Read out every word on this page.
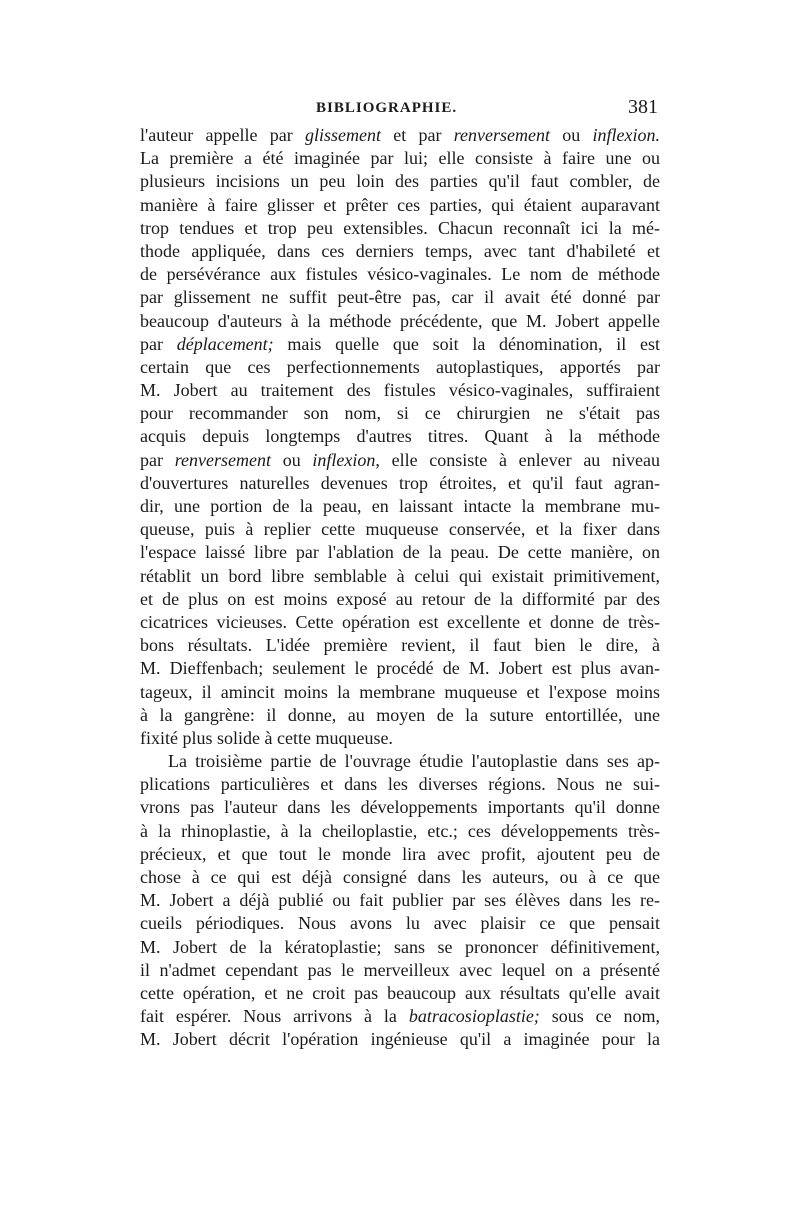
BIBLIOGRAPHIE.	381
l'auteur appelle par glissement et par renversement ou inflexion.
La première a été imaginée par lui; elle consiste à faire une ou
plusieurs incisions un peu loin des parties qu'il faut combler, de
manière à faire glisser et prêter ces parties, qui étaient auparavant
trop tendues et trop peu extensibles. Chacun reconnaît ici la mé-
thode appliquée, dans ces derniers temps, avec tant d'habileté et
de persévérance aux fistules vésico-vaginales. Le nom de méthode
par glissement ne suffit peut-être pas, car il avait été donné par
beaucoup d'auteurs à la méthode précédente, que M. Jobert appelle
par déplacement; mais quelle que soit la dénomination, il est
certain que ces perfectionnements autoplastiques, apportés par
M. Jobert au traitement des fistules vésico-vaginales, suffiraient
pour recommander son nom, si ce chirurgien ne s'était pas
acquis depuis longtemps d'autres titres. Quant à la méthode
par renversement ou inflexion, elle consiste à enlever au niveau
d'ouvertures naturelles devenues trop étroites, et qu'il faut agran-
dir, une portion de la peau, en laissant intacte la membrane mu-
queuse, puis à replier cette muqueuse conservée, et la fixer dans
l'espace laissé libre par l'ablation de la peau. De cette manière, on
rétablit un bord libre semblable à celui qui existait primitivement,
et de plus on est moins exposé au retour de la difformité par des
cicatrices vicieuses. Cette opération est excellente et donne de très-
bons résultats. L'idée première revient, il faut bien le dire, à
M. Dieffenbach; seulement le procédé de M. Jobert est plus avan-
tageux, il amincit moins la membrane muqueuse et l'expose moins
à la gangrène: il donne, au moyen de la suture entortillée, une
fixité plus solide à cette muqueuse.
La troisième partie de l'ouvrage étudie l'autoplastie dans ses ap-
plications particulières et dans les diverses régions. Nous ne sui-
vrons pas l'auteur dans les développements importants qu'il donne
à la rhinoplastie, à la cheiloplastie, etc.; ces développements très-
précieux, et que tout le monde lira avec profit, ajoutent peu de
chose à ce qui est déjà consigné dans les auteurs, ou à ce que
M. Jobert a déjà publié ou fait publier par ses élèves dans les re-
cueils périodiques. Nous avons lu avec plaisir ce que pensait
M. Jobert de la kératoplastie; sans se prononcer définitivement,
il n'admet cependant pas le merveilleux avec lequel on a présenté
cette opération, et ne croit pas beaucoup aux résultats qu'elle avait
fait espérer. Nous arrivons à la batracosioplastie; sous ce nom,
M. Jobert décrit l'opération ingénieuse qu'il a imaginée pour la
